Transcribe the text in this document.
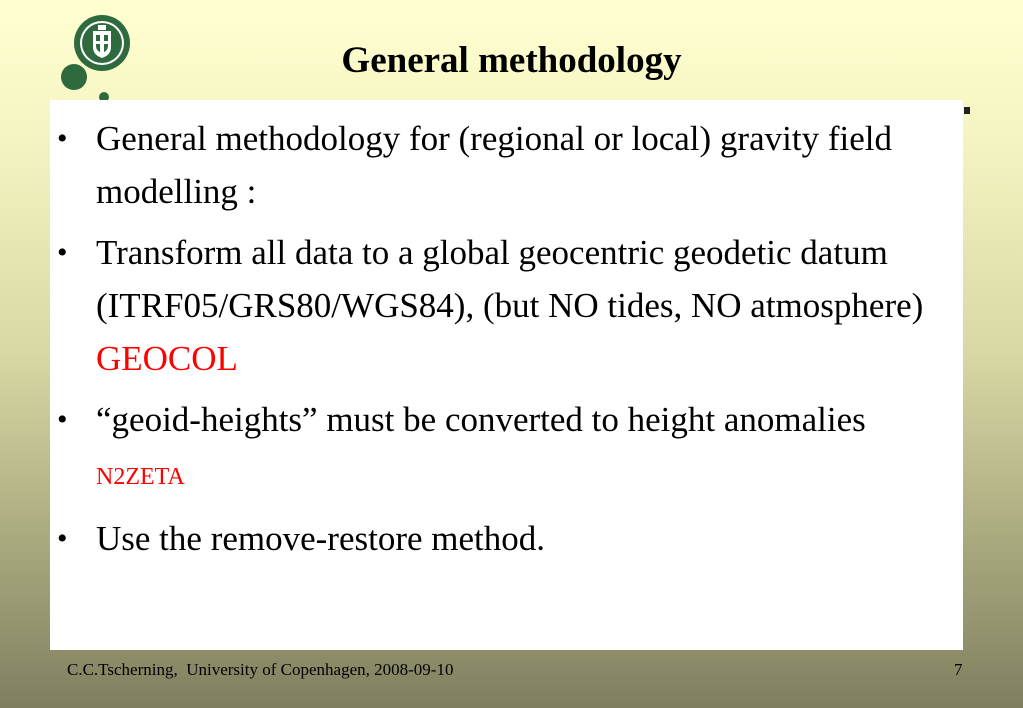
General methodology
• General methodology for (regional or local) gravity field modelling :
• Transform all data to a global geocentric geodetic datum (ITRF05/GRS80/WGS84), (but NO tides, NO atmosphere) GEOCOL
• “geoid-heights” must be converted to height anomalies N2ZETA
• Use the remove-restore method.
C.C.Tscherning,  University of Copenhagen, 2008-09-10	7
